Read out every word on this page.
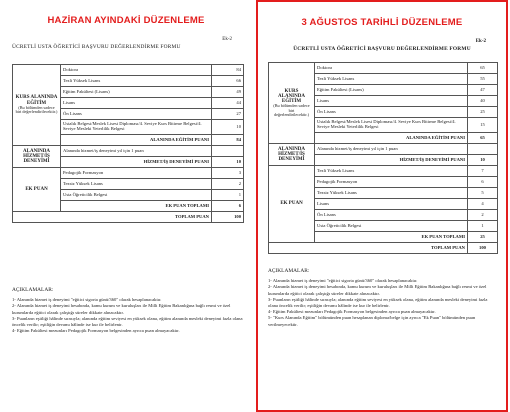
HAZİRAN AYINDAKİ DÜZENLEME
Ek-2
ÜCRETLİ USTA ÖĞRETİCİ BAŞVURU DEĞERLENDİRME FORMU
KURS ALANINDA EĞİTİM
(Bu bölümden sadece biri değerlendirilecektir.)	Doktora	84
	Tezli Yüksek Lisans	66
	Eğitim Fakültesi (Lisans)	49
	Lisans	44
	Ön Lisans	27
	Ustalık Belgesi/Meslek Lisesi Diploması/4. Seviye Kurs Bitirme Belgesi/4. Seviye Mesleki Yeterlilik Belgesi	10
	ALANINDA EĞİTİM PUANI	84
ALANINDA HİZMET/İŞ DENEYİMİ	Alanında hizmet/iş deneyimi yıl için 1 puan	
	HİZMET/İŞ DENEYİMİ PUANI	10
EK PUAN	Pedagojik Formasyon	3
	Tezsiz Yüksek Lisans	2
	Usta Öğreticilik Belgesi	1
	EK PUAN TOPLAMI	6
TOPLAM PUAN		100
AÇIKLAMALAR:
1- Alanında hizmet iş deneyimi "eğitici sigorta günü/360" olarak hesaplanacaktır.
2- Alanında hizmet iş deneyimi hesabında, kamu kurum ve kuruluşları ile Milli Eğitim Bakanlığına bağlı resmi ve özel kurumlarda eğitici olarak çalıştığı süreler dikkate alınacaktır.
3- Puanların eşitliği hâlinde sırasıyla; alanında eğitim seviyesi en yüksek olana, eğitim alanında mesleki deneyimi fazla olana öncelik verilir; eşitliğin devamı hâlinde ise kur ile belirlenir.
4- Eğitim Fakültesi mezunları Pedagojik Formasyon belgesinden ayrıca puan almayacaktır.
3 AĞUSTOS TARİHLİ DÜZENLEME
Ek-2
ÜCRETLİ USTA ÖĞRETİCİ BAŞVURU DEĞERLENDİRME FORMU
KURS ALANINDA EĞİTİM
(Bu bölümden sadece biri değerlendirilecektir.)	Doktora	65
	Tezli Yüksek Lisans	55
	Eğitim Fakültesi (Lisans)	47
	Lisans	40
	Ön Lisans	25
	Ustalık Belgesi/Meslek Lisesi Diploması/4. Seviye Kurs Bitirme Belgesi/4. Seviye Mesleki Yeterlilik Belgesi	15
	ALANINDA EĞİTİM PUANI	65
ALANINDA HİZMET/İŞ DENEYİMİ	Alanında hizmet/iş deneyimi yıl için 1 puan	
	HİZMET/İŞ DENEYİMİ PUANI	10
EK PUAN	Tezli Yüksek Lisans	7
	Pedagojik Formasyon	6
	Tezsiz Yüksek Lisans	5
	Lisans	4
	Ön Lisans	2
	Usta Öğreticilik Belgesi	1
	EK PUAN TOPLAMI	25
TOPLAM PUAN		100
AÇIKLAMALAR:
1- Alanında hizmet iş deneyimi "eğitici sigorta günü/360" olarak hesaplanacaktır.
2- Alanında hizmet iş deneyimi hesabında, kamu kurum ve kuruluşları ile Milli Eğitim Bakanlığına bağlı resmi ve özel kurumlarda eğitici olarak çalıştığı süreler dikkate alınacaktır.
3- Puanların eşitliği hâlinde sırasıyla; alanında eğitim seviyesi en yüksek olana, eğitim alanında mesleki deneyimi fazla olana öncelik verilir; eşitliğin devamı hâlinde ise kur ile belirlenir.
4- Eğitim Fakültesi mezunları Pedagojik Formasyon belgesinden ayrıca puan almayacaktır.
5- "Kurs Alanında Eğitim" bölümünden puan hesaplanan diploma/belge için ayrıca "Ek Puan" bölümünden puan verilmeyecektir.
